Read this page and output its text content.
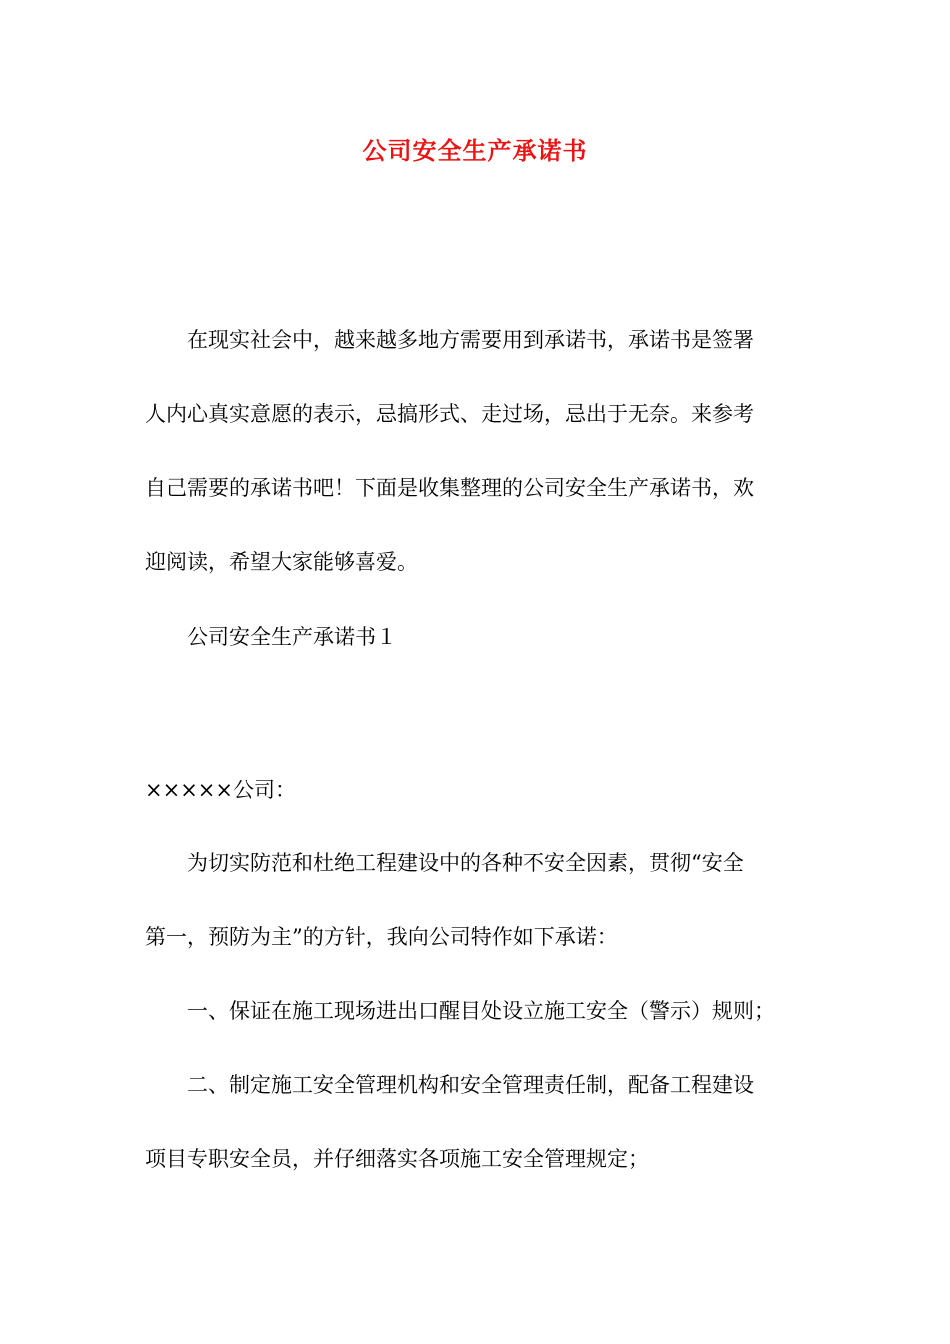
公司安全生产承诺书
　　在现实社会中，越来越多地方需要用到承诺书，承诺书是签署
人内心真实意愿的表示，忌搞形式、走过场，忌出于无奈。来参考
自己需要的承诺书吧！下面是收集整理的公司安全生产承诺书，欢
迎阅读，希望大家能够喜爱。
　　公司安全生产承诺书１
×××××公司：
　　为切实防范和杜绝工程建设中的各种不安全因素，贯彻“安全
第一，预防为主”的方针，我向公司特作如下承诺：
　　一、保证在施工现场进出口醒目处设立施工安全（警示）规则；
　　二、制定施工安全管理机构和安全管理责任制，配备工程建设
项目专职安全员，并仔细落实各项施工安全管理规定；
